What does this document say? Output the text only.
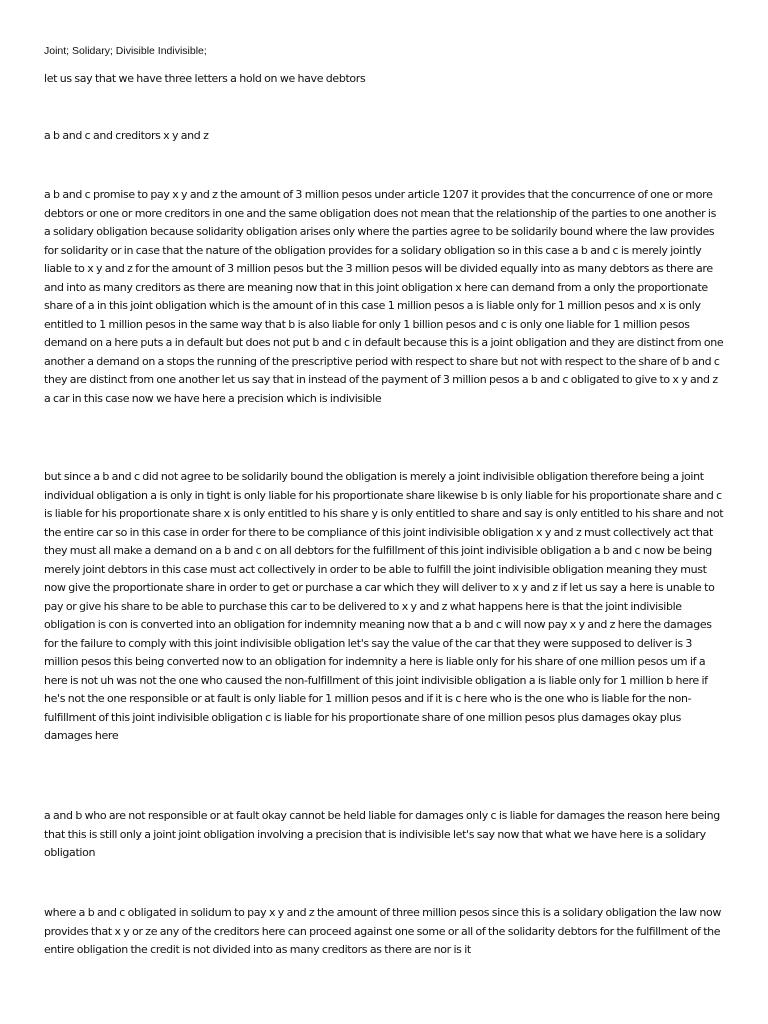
Joint; Solidary; Divisible Indivisible;

let us say that we have three letters a hold on we have debtors

a b and c and creditors x y and z

a b and c promise to pay x y and z the amount of 3 million pesos under article 1207 it provides that the concurrence of one or more debtors or one or more creditors in one and the same obligation does not mean that the relationship of the parties to one another is a solidary obligation because solidarity obligation arises only where the parties agree to be solidarily bound where the law provides for solidarity or in case that the nature of the obligation provides for a solidary obligation so in this case a b and c is merely jointly liable to x y and z for the amount of 3 million pesos but the 3 million pesos will be divided equally into as many debtors as there are and into as many creditors as there are meaning now that in this joint obligation x here can demand from a only the proportionate share of a in this joint obligation which is the amount of in this case 1 million pesos a is liable only for 1 million pesos and x is only entitled to 1 million pesos in the same way that b is also liable for only 1 billion pesos and c is only one liable for 1 million pesos demand on a here puts a in default but does not put b and c in default because this is a joint obligation and they are distinct from one another a demand on a stops the running of the prescriptive period with respect to share but not with respect to the share of b and c they are distinct from one another let us say that in instead of the payment of 3 million pesos a b and c obligated to give to x y and z a car in this case now we have here a precision which is indivisible

but since a b and c did not agree to be solidarily bound the obligation is merely a joint indivisible obligation therefore being a joint individual obligation a is only in tight is only liable for his proportionate share likewise b is only liable for his proportionate share and c is liable for his proportionate share x is only entitled to his share y is only entitled to share and say is only entitled to his share and not the entire car so in this case in order for there to be compliance of this joint indivisible obligation x y and z must collectively act that they must all make a demand on a b and c on all debtors for the fulfillment of this joint indivisible obligation a b and c now be being merely joint debtors in this case must act collectively in order to be able to fulfill the joint indivisible obligation meaning they must now give the proportionate share in order to get or purchase a car which they will deliver to x y and z if let us say a here is unable to pay or give his share to be able to purchase this car to be delivered to x y and z what happens here is that the joint indivisible obligation is con is converted into an obligation for indemnity meaning now that a b and c will now pay x y and z here the damages for the failure to comply with this joint indivisible obligation let's say the value of the car that they were supposed to deliver is 3 million pesos this being converted now to an obligation for indemnity a here is liable only for his share of one million pesos um if a here is not uh was not the one who caused the non-fulfillment of this joint indivisible obligation a is liable only for 1 million b here if he's not the one responsible or at fault is only liable for 1 million pesos and if it is c here who is the one who is liable for the non-fulfillment of this joint indivisible obligation c is liable for his proportionate share of one million pesos plus damages okay plus damages here

a and b who are not responsible or at fault okay cannot be held liable for damages only c is liable for damages the reason here being that this is still only a joint joint obligation involving a precision that is indivisible let's say now that what we have here is a solidary obligation

where a b and c obligated in solidum to pay x y and z the amount of three million pesos since this is a solidary obligation the law now provides that x y or ze any of the creditors here can proceed against one some or all of the solidarity debtors for the fulfillment of the entire obligation the credit is not divided into as many creditors as there are nor is it
